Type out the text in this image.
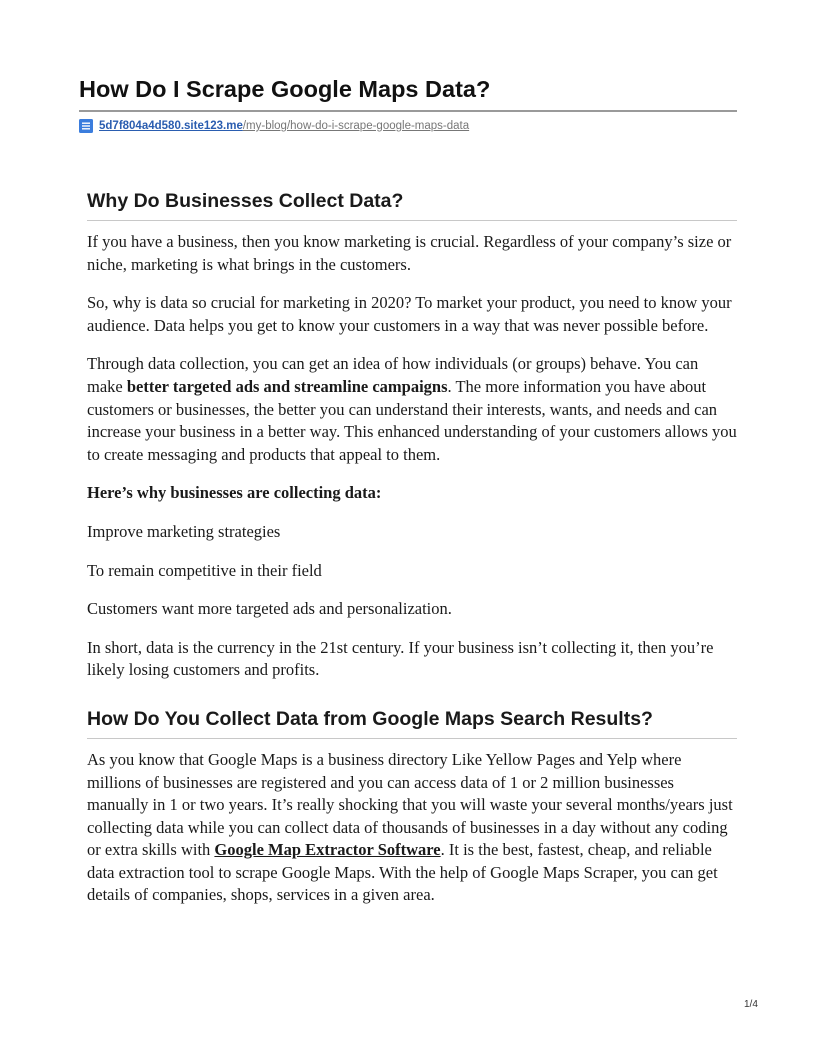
How Do I Scrape Google Maps Data?
5d7f804a4d580.site123.me /my-blog/how-do-i-scrape-google-maps-data
Why Do Businesses Collect Data?

If you have a business, then you know marketing is crucial. Regardless of your company’s size or niche, marketing is what brings in the customers.

So, why is data so crucial for marketing in 2020? To market your product, you need to know your audience. Data helps you get to know your customers in a way that was never possible before.

Through data collection, you can get an idea of how individuals (or groups) behave. You can make better targeted ads and streamline campaigns. The more information you have about customers or businesses, the better you can understand their interests, wants, and needs and can increase your business in a better way. This enhanced understanding of your customers allows you to create messaging and products that appeal to them.

Here’s why businesses are collecting data:

Improve marketing strategies

To remain competitive in their field

Customers want more targeted ads and personalization.

In short, data is the currency in the 21st century. If your business isn’t collecting it, then you’re likely losing customers and profits.

How Do You Collect Data from Google Maps Search Results?

As you know that Google Maps is a business directory Like Yellow Pages and Yelp where millions of businesses are registered and you can access data of 1 or 2 million businesses manually in 1 or two years. It’s really shocking that you will waste your several months/years just collecting data while you can collect data of thousands of businesses in a day without any coding or extra skills with Google Map Extractor Software. It is the best, fastest, cheap, and reliable data extraction tool to scrape Google Maps. With the help of Google Maps Scraper, you can get details of companies, shops, services in a given area.

1/4
